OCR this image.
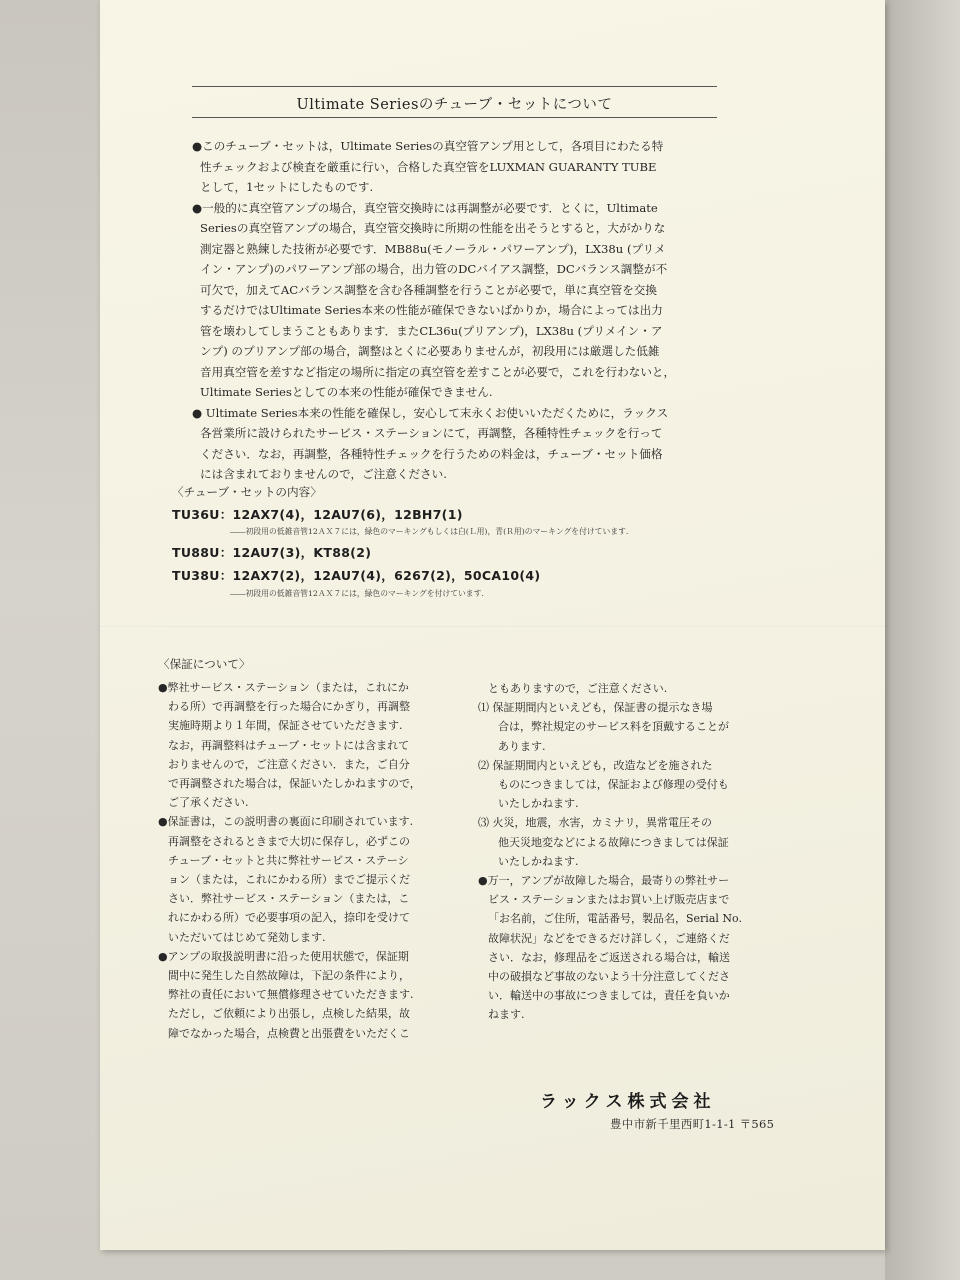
Ultimate Seriesのチューブ・セットについて
●このチューブ・セットは，Ultimate Seriesの真空管アンプ用として，各項目にわたる特
性チェックおよび検査を厳重に行い，合格した真空管をLUXMAN GUARANTY TUBE
として，1セットにしたものです.
●一般的に真空管アンプの場合，真空管交換時には再調整が必要です．とくに，Ultimate
Seriesの真空管アンプの場合，真空管交換時に所期の性能を出そうとすると，大がかりな
測定器と熟練した技術が必要です．MB88u(モノーラル・パワーアンプ)，LX38u (プリメ
イン・アンプ)のパワーアンプ部の場合，出力管のDCバイアス調整，DCバランス調整が不
可欠で，加えてACバランス調整を含む各種調整を行うことが必要で，単に真空管を交換
するだけではUltimate Series本来の性能が確保できないばかりか，場合によっては出力
管を壊わしてしまうこともあります．またCL36u(プリアンプ)，LX38u (プリメイン・ア
ンプ) のプリアンプ部の場合，調整はとくに必要ありませんが，初段用には厳選した低雑
音用真空管を差すなど指定の場所に指定の真空管を差すことが必要で，これを行わないと，
Ultimate Seriesとしての本来の性能が確保できません.
● Ultimate Series本来の性能を確保し，安心して末永くお使いいただくために，ラックス
各営業所に設けられたサービス・ステーションにて，再調整，各種特性チェックを行って
ください．なお，再調整，各種特性チェックを行うための料金は，チューブ・セット価格
には含まれておりませんので，ご注意ください.
〈チューブ・セットの内容〉
TU36U：12AX7(4)，12AU7(6)，12BH7(1)
――初段用の低雑音管12ＡＸ７には，緑色のマーキングもしくは白(Ｌ用)，青(Ｒ用)のマーキングを付けています.
TU88U：12AU7(3)，KT88(2)
TU38U：12AX7(2)，12AU7(4)，6267(2)，50CA10(4)
――初段用の低雑音管12ＡＸ７には，緑色のマーキングを付けています.
〈保証について〉
●弊社サービス・ステーション（または，これにか
わる所）で再調整を行った場合にかぎり，再調整
実施時期より１年間，保証させていただきます.
なお，再調整料はチューブ・セットには含まれて
おりませんので，ご注意ください．また，ご自分
で再調整された場合は，保証いたしかねますので，
ご了承ください.
●保証書は，この説明書の裏面に印刷されています.
再調整をされるときまで大切に保存し，必ずこの
チューブ・セットと共に弊社サービス・ステーシ
ョン（または，これにかわる所）までご提示くだ
さい．弊社サービス・ステーション（または，こ
れにかわる所）で必要事項の記入，捺印を受けて
いただいてはじめて発効します.
●アンプの取扱説明書に沿った使用状態で，保証期
間中に発生した自然故障は，下記の条件により，
弊社の責任において無償修理させていただきます.
ただし，ご依頼により出張し，点検した結果，故
障でなかった場合，点検費と出張費をいただくこ
ともありますので，ご注意ください.
⑴ 保証期間内といえども，保証書の提示なき場
合は，弊社規定のサービス料を頂戴することが
あります.
⑵ 保証期間内といえども，改造などを施された
ものにつきましては，保証および修理の受付も
いたしかねます.
⑶ 火災，地震，水害，カミナリ，異常電圧その
他天災地変などによる故障につきましては保証
いたしかねます.
●万一，アンプが故障した場合，最寄りの弊社サー
ビス・ステーションまたはお買い上げ販売店まで
「お名前，ご住所，電話番号，製品名，Serial No.
故障状況」などをできるだけ詳しく，ご連絡くだ
さい．なお，修理品をご返送される場合は，輸送
中の破損など事故のないよう十分注意してくださ
い．輸送中の事故につきましては，責任を負いか
ねます.
ラックス株式会社
豊中市新千里西町1-1-1 〒565
